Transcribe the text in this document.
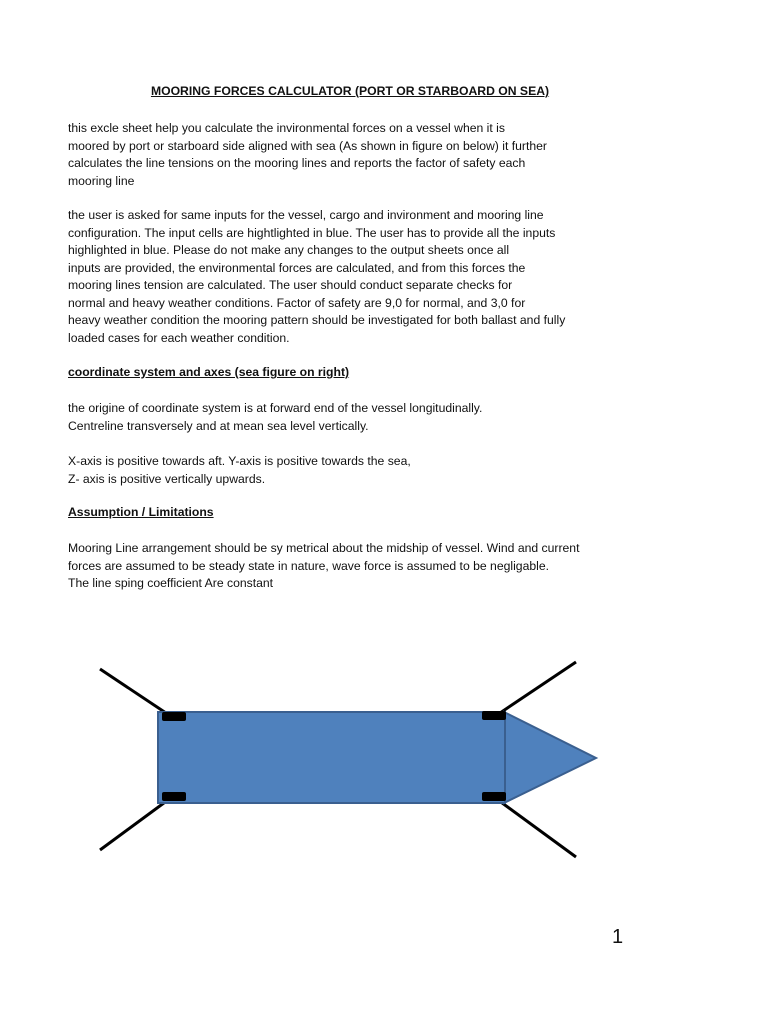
MOORING FORCES CALCULATOR (PORT OR STARBOARD ON SEA)
this excle sheet help you calculate the invironmental forces on a vessel when it is
moored by port or starboard side aligned with sea (As shown in figure on below) it further
calculates the line tensions on the mooring lines and reports the factor of safety each
mooring line
the user is asked for same inputs for the vessel, cargo and invironment and mooring line
configuration. The input cells are hightlighted in blue. The user has to provide all the inputs
highlighted in blue. Please do not make any changes to the output sheets once all
inputs are provided, the environmental forces are calculated, and from this forces the
mooring lines tension are calculated. The user should conduct separate checks for
normal and heavy weather conditions. Factor of safety are 9,0 for normal, and 3,0 for
heavy weather condition the mooring pattern should be investigated for both ballast and fully
loaded cases for each weather condition.
coordinate system and axes (sea figure on right)
the origine of coordinate system is at forward end of the vessel longitudinally.
Centreline transversely and at mean sea level vertically.
X-axis is positive towards aft. Y-axis is positive towards the sea,
Z- axis is positive vertically upwards.
Assumption / Limitations
Mooring Line arrangement should be sy metrical about the midship of vessel. Wind and current
forces are assumed to be steady state in nature, wave force is assumed to be negligable.
The line sping coefficient Are constant
1
